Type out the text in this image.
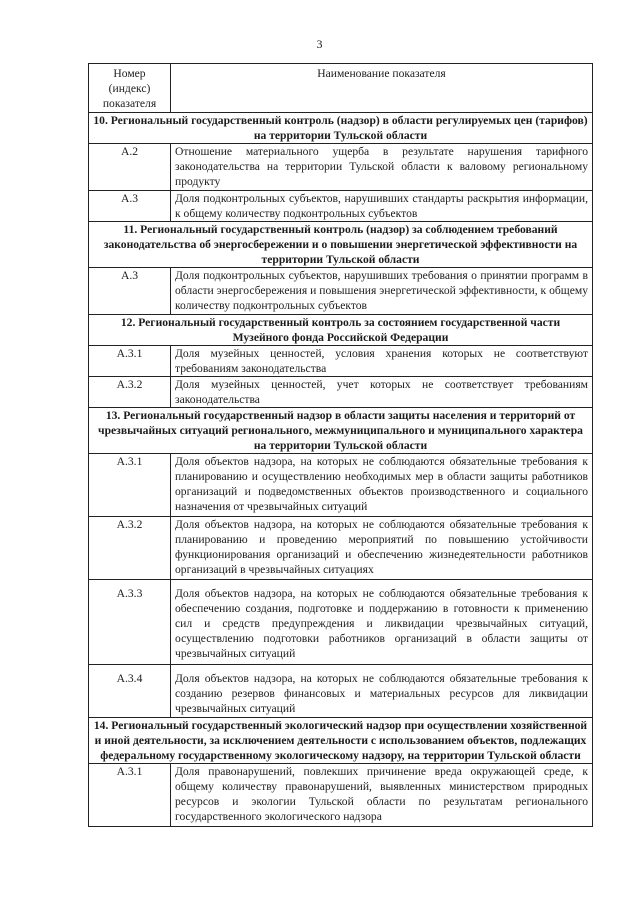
3
Номер
(индекс)
показателя	Наименование показателя
10. Региональный государственный контроль (надзор) в области регулируемых цен (тарифов) на территории Тульской области	
А.2	Отношение материального ущерба в результате нарушения тарифного законодательства на территории Тульской области к валовому региональному продукту
А.3	Доля подконтрольных субъектов, нарушивших стандарты раскрытия информации, к общему количеству подконтрольных субъектов
11. Региональный государственный контроль (надзор) за соблюдением требований законодательства об энергосбережении и о повышении энергетической эффективности на территории Тульской области	
А.3	Доля подконтрольных субъектов, нарушивших требования о принятии программ в области энергосбережения и повышения энергетической эффективности, к общему количеству подконтрольных субъектов
12. Региональный государственный контроль за состоянием государственной части Музейного фонда Российской Федерации	
А.3.1	Доля музейных ценностей, условия хранения которых не соответствуют требованиям законодательства
А.3.2	Доля музейных ценностей, учет которых не соответствует требованиям законодательства
13. Региональный государственный надзор в области защиты населения и территорий от чрезвычайных ситуаций регионального, межмуниципального и муниципального характера на территории Тульской области	
А.3.1	Доля объектов надзора, на которых не соблюдаются обязательные требования к планированию и осуществлению необходимых мер в области защиты работников организаций и подведомственных объектов производственного и социального назначения от чрезвычайных ситуаций
А.3.2	Доля объектов надзора, на которых не соблюдаются обязательные требования к планированию и проведению мероприятий по повышению устойчивости функционирования организаций и обеспечению жизнедеятельности работников организаций в чрезвычайных ситуациях
А.3.3	Доля объектов надзора, на которых не соблюдаются обязательные требования к обеспечению создания, подготовке и поддержанию в готовности к применению сил и средств предупреждения и ликвидации чрезвычайных ситуаций, осуществлению подготовки работников организаций в области защиты от чрезвычайных ситуаций
А.3.4	Доля объектов надзора, на которых не соблюдаются обязательные требования к созданию резервов финансовых и материальных ресурсов для ликвидации чрезвычайных ситуаций
14. Региональный государственный экологический надзор при осуществлении хозяйственной и иной деятельности, за исключением деятельности с использованием объектов, подлежащих федеральному государственному экологическому надзору, на территории Тульской области	
А.3.1	Доля правонарушений, повлекших причинение вреда окружающей среде, к общему количеству правонарушений, выявленных министерством природных ресурсов и экологии Тульской области по результатам регионального государственного экологического надзора
